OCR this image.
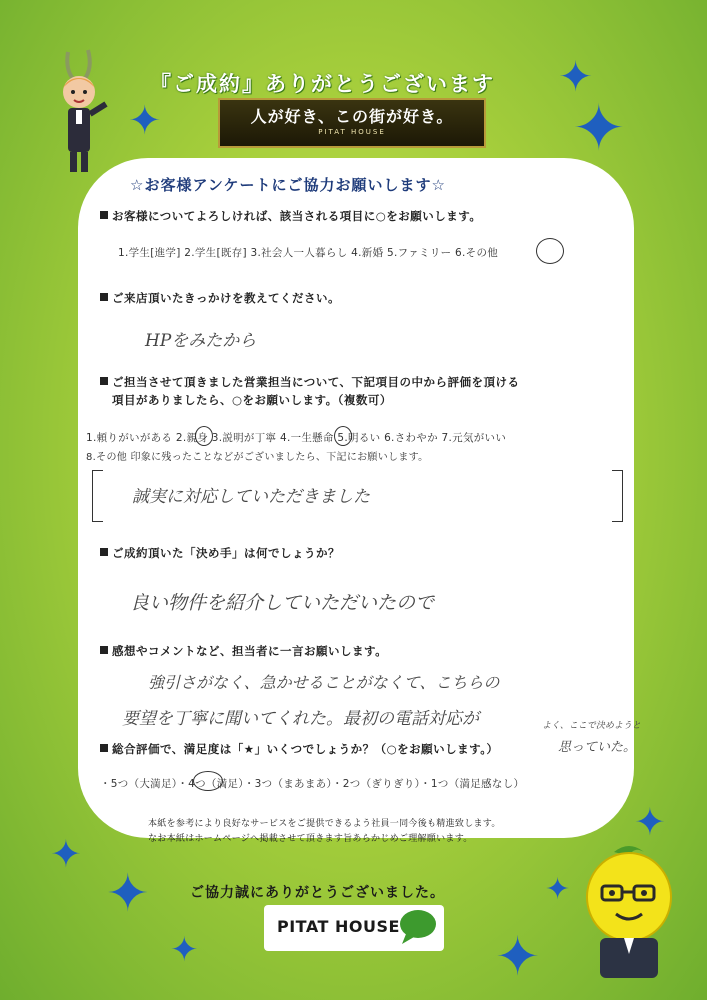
✦
✦
✦
✦
✦
✦
✦	✦
✦
『ご成約』ありがとうございます
人が好き、この街が好き。
PITAT HOUSE
☆お客様アンケートにご協力お願いします☆
お客様についてよろしければ、該当される項目に○をお願いします。
1.学生[進学] 2.学生[既存] 3.社会人一人暮らし 4.新婚 5.ファミリー 6.その他
ご来店頂いたきっかけを教えてください。
HPをみたから
ご担当させて頂きました営業担当について、下記項目の中から評価を頂ける
項目がありましたら、○をお願いします。（複数可）
1.頼りがいがある 2.親身 3.説明が丁寧 4.一生懸命 5.明るい 6.さわやか 7.元気がいい
8.その他 印象に残ったことなどがございましたら、下記にお願いします。
誠実に対応していただきました
ご成約頂いた「決め手」は何でしょうか？
良い物件を紹介していただいたので
感想やコメントなど、担当者に一言お願いします。
強引さがなく、急かせることがなくて、こちらの
要望を丁寧に聞いてくれた。最初の電話対応が	よく、ここで決めようと
思っていた。
総合評価で、満足度は「★」いくつでしょうか？（○をお願いします。）
・5つ（大満足）・4つ（満足）・3つ（まあまあ）・2つ（ぎりぎり）・1つ（満足感なし）
本紙を参考により良好なサービスをご提供できるよう社員一同今後も精進致します。
なお本紙はホームページへ掲載させて頂きます旨あらかじめご理解願います。
ご協力誠にありがとうございました。
PITAT HOUSE
